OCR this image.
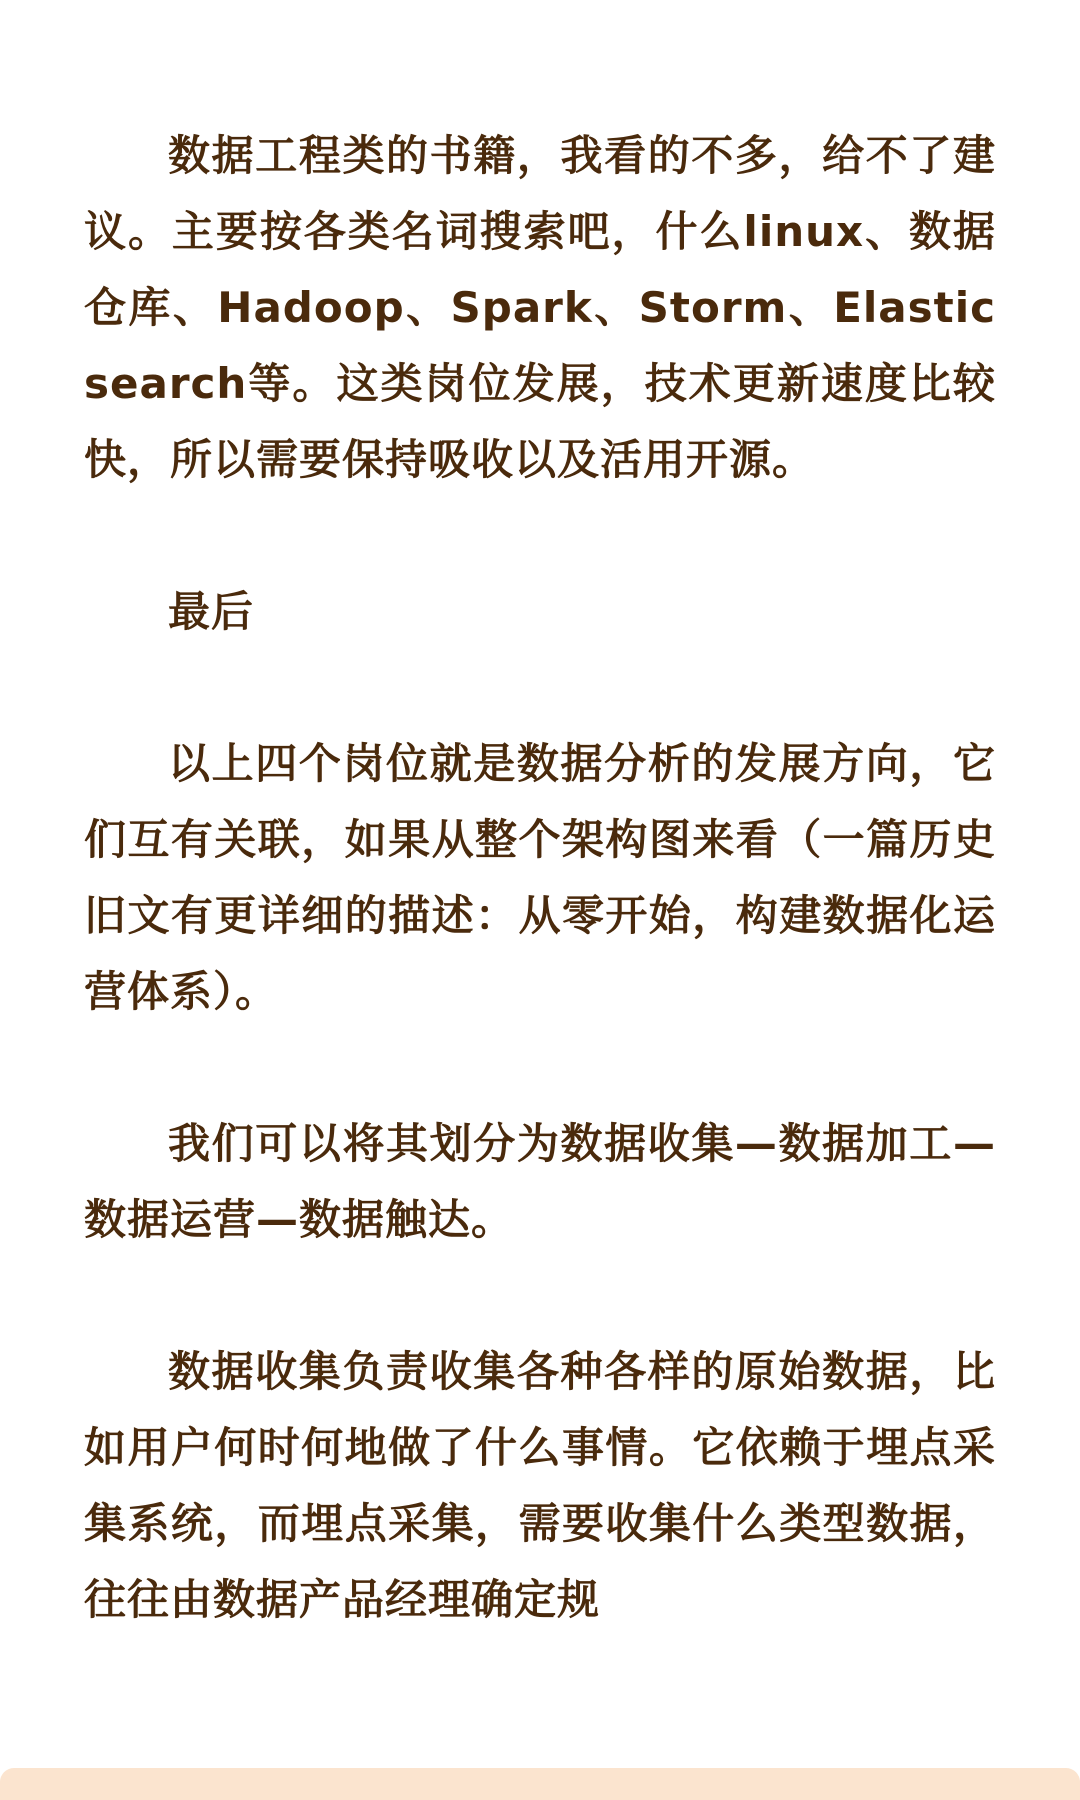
数据工程类的书籍，我看的不多，给不了建议。主要按各类名词搜索吧，什么linux、数据仓库、Hadoop、Spark、Storm、Elasticsearch等。这类岗位发展，技术更新速度比较快，所以需要保持吸收以及活用开源。

最后

以上四个岗位就是数据分析的发展方向，它们互有关联，如果从整个架构图来看（一篇历史旧文有更详细的描述：从零开始，构建数据化运营体系）。

我们可以将其划分为数据收集—数据加工—数据运营—数据触达。

数据收集负责收集各种各样的原始数据，比如用户何时何地做了什么事情。它依赖于埋点采集系统，而埋点采集，需要收集什么类型数据，往往由数据产品经理确定规
